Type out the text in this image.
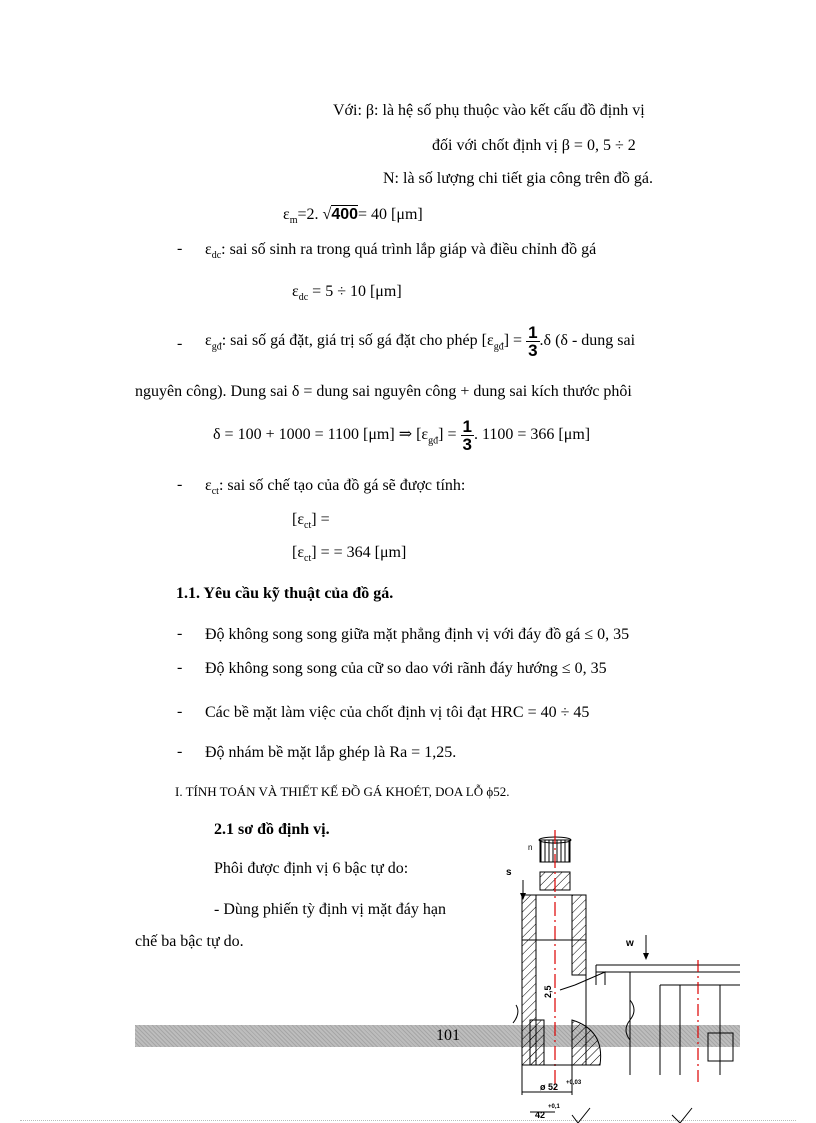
Với: β: là hệ số phụ thuộc vào kết cấu đồ định vị
đối với chốt định vị β = 0, 5 ÷ 2
N: là số lượng chi tiết gia công trên đồ gá.
$\varepsilon_m=2$. √400= 40 [μm]
- $\varepsilon_{dc}$: sai số sinh ra trong quá trình lắp giáp và điều chỉnh đồ gá
$\varepsilon_{dc} = 5 \div 10$ [μm]
- $\varepsilon_{gđ}$: sai số gá đặt, giá trị số gá đặt cho phép $[\varepsilon_{gđ}] = \frac{1}{3} .\delta$ (δ - dung sai
nguyên công). Dung sai δ = dung sai nguyên công + dung sai kích thước phôi
δ = 100 + 1000 = 1100 [μm] ⇒ $[\varepsilon_{gđ}] = \frac{1}{3}$ . 1100 = 366 [μm]
- $\varepsilon_{ct}$: sai số chế tạo của đồ gá sẽ được tính:
$[\varepsilon_{ct}]$ =
$[\varepsilon_{ct}]$ = = 364 [μm]
1.1. Yêu cầu kỹ thuật của đồ gá.
- Độ không song song giữa mặt phẳng định vị với đáy đồ gá ≤ 0, 35
- Độ không song song của cữ so dao với rãnh đáy hướng ≤ 0, 35
- Các bề mặt làm việc của chốt định vị tôi đạt HRC = 40 ÷ 45
- Độ nhám bề mặt lắp ghép là Ra = 1,25.
I. TÍNH TOÁN VÀ THIẾT KẾ ĐỒ GÁ KHOÉT, DOA LỖ ϕ52.
2.1 sơ đồ định vị.
Phôi được định vị 6 bậc tự do:
- Dùng phiến tỳ định vị mặt đáy hạn
chế ba bậc tự do.
101
n
s
2,5
w
ø 52 +0,03
42
+0,1
